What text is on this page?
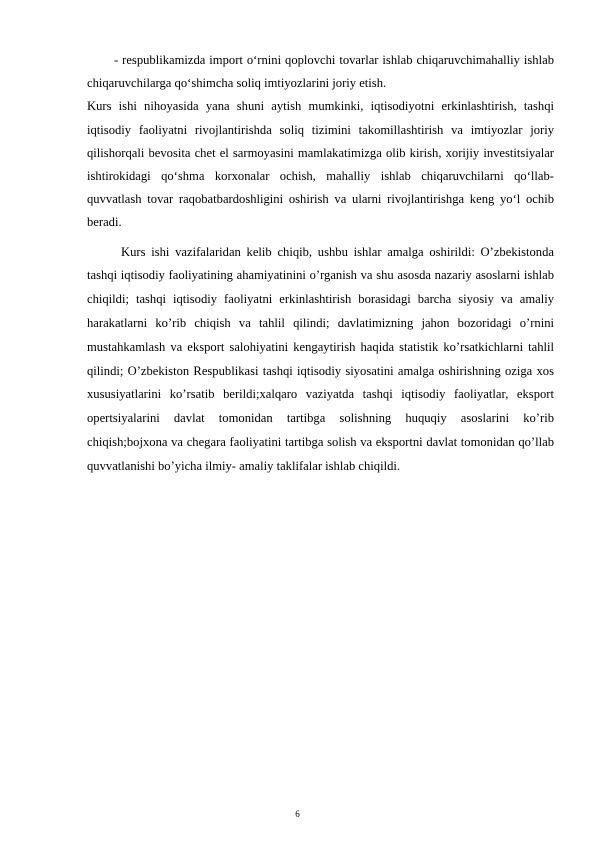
- respublikamizda import o‘rnini qoplovchi tovarlar ishlab chiqaruvchimahalliy ishlab chiqaruvchilarga qo‘shimcha soliq imtiyozlarini joriy etish.

Kurs ishi nihoyasida yana shuni aytish mumkinki, iqtisodiyotni erkinlashtirish, tashqi iqtisodiy faoliyatni rivojlantirishda soliq tizimini takomillashtirish va imtiyozlar joriy qilishorqali bevosita chet el sarmoyasini mamlakatimizga olib kirish, xorijiy investitsiyalar ishtirokidagi qo‘shma korxonalar ochish, mahalliy ishlab chiqaruvchilarni qo‘llab-quvvatlash tovar raqobatbardoshligini oshirish va ularni rivojlantirishga keng yo‘l ochib beradi.

Kurs ishi vazifalaridan kelib chiqib, ushbu ishlar amalga oshirildi: O’zbekistonda tashqi iqtisodiy faoliyatining ahamiyatinini o’rganish va shu asosda nazariy asoslarni ishlab chiqildi; tashqi iqtisodiy faoliyatni erkinlashtirish borasidagi barcha siyosiy va amaliy harakatlarni ko’rib chiqish va tahlil qilindi; davlatimizning jahon bozoridagi o’rnini mustahkamlash va eksport salohiyatini kengaytirish haqida statistik ko’rsatkichlarni tahlil qilindi; O’zbekiston Respublikasi tashqi iqtisodiy siyosatini amalga oshirishning oziga xos xususiyatlarini ko’rsatib berildi;xalqaro vaziyatda tashqi iqtisodiy faoliyatlar, eksport opertsiyalarini davlat tomonidan tartibga solishning huquqiy asoslarini ko’rib chiqish;bojxona va chegara faoliyatini tartibga solish va eksportni davlat tomonidan qo’llab quvvatlanishi bo’yicha ilmiy- amaliy taklifalar ishlab chiqildi.

6
